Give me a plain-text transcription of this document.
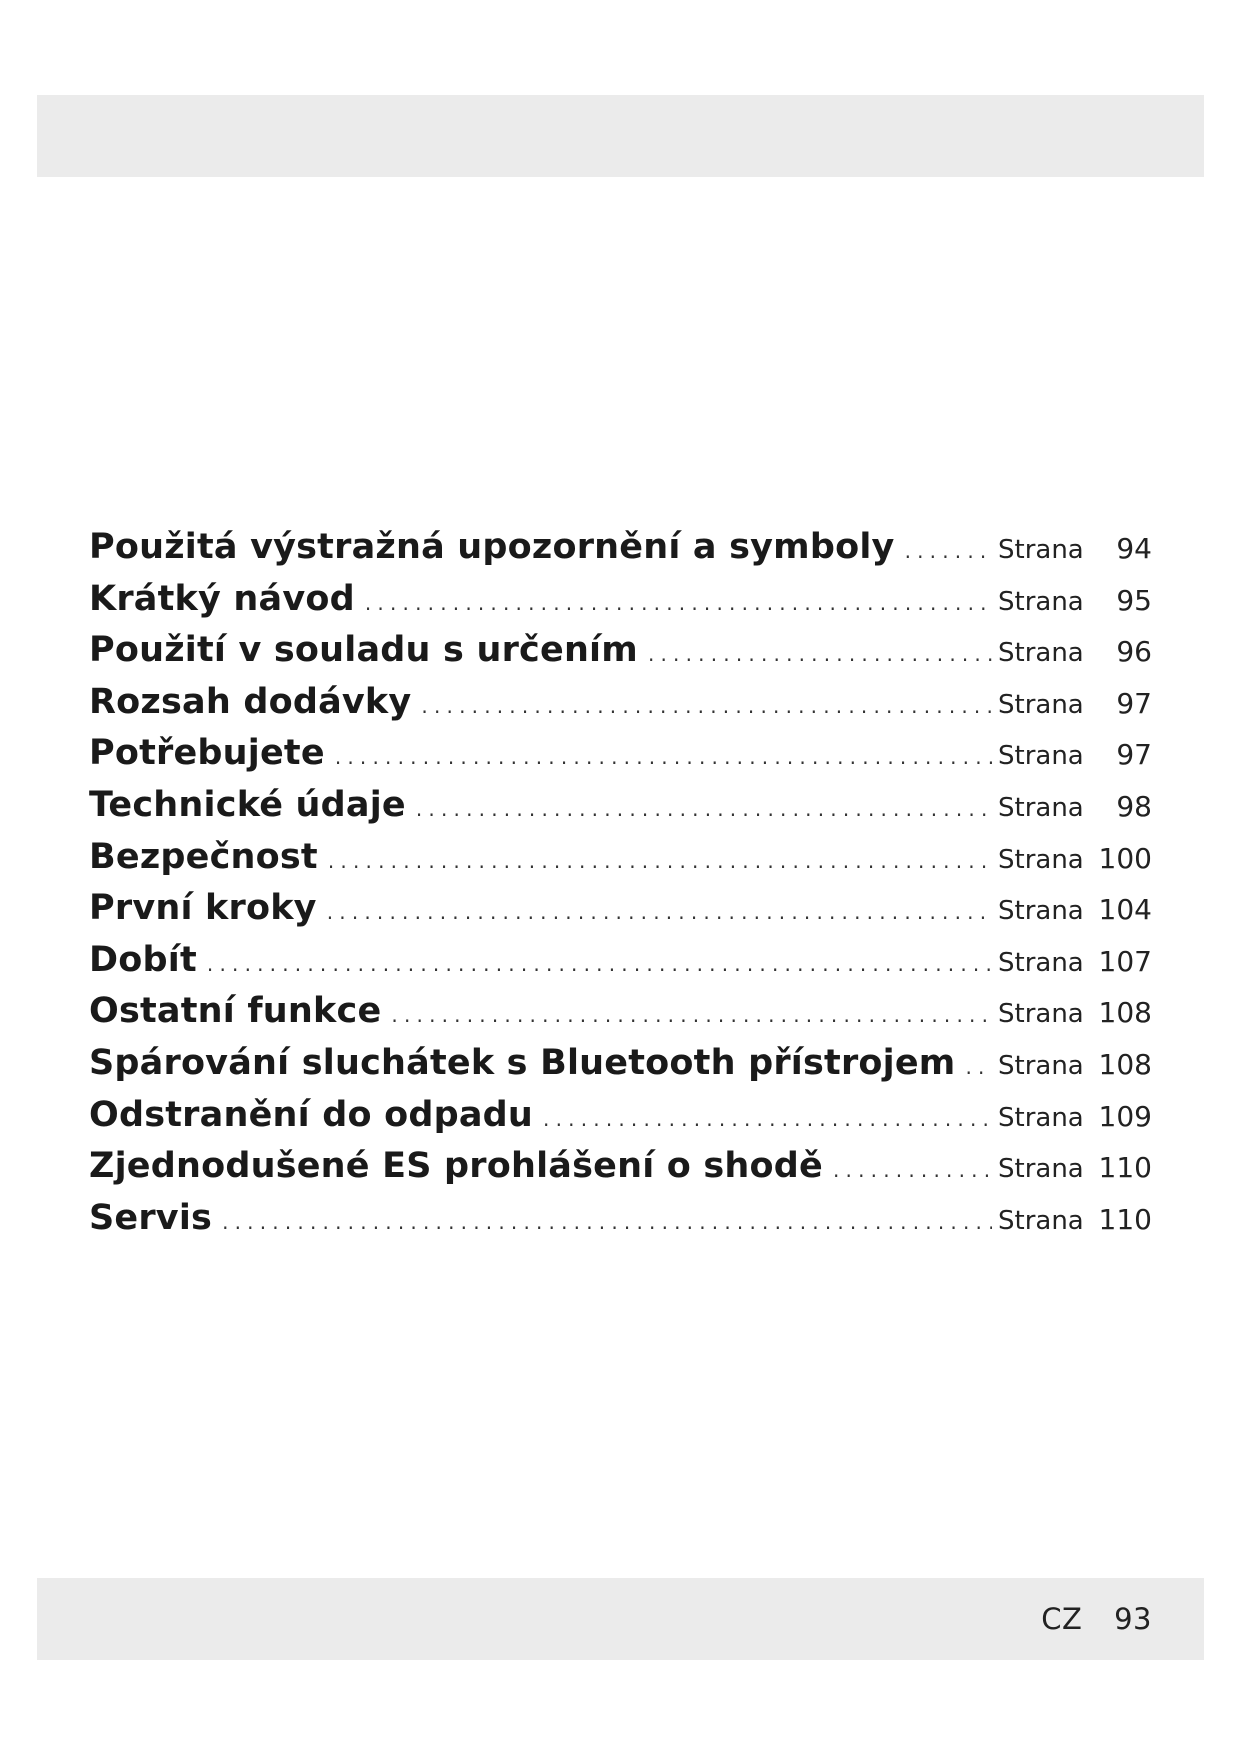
Použitá výstražná upozornění a symboly .....	Strana	94
Krátký návod .....	Strana	95
Použití v souladu s určením .....	Strana	96
Rozsah dodávky .....	Strana	97
Potřebujete .....	Strana	97
Technické údaje .....	Strana	98
Bezpečnost .....	Strana 100
První kroky .....	Strana 104
Dobít .....	Strana 107
Ostatní funkce .....	Strana 108
Spárování sluchátek s Bluetooth přístrojem ..... Strana 108
Odstranění do odpadu .....	Strana 109
Zjednodušené ES prohlášení o shodě .....	Strana 110
Servis .....	Strana 110
CZ 93
